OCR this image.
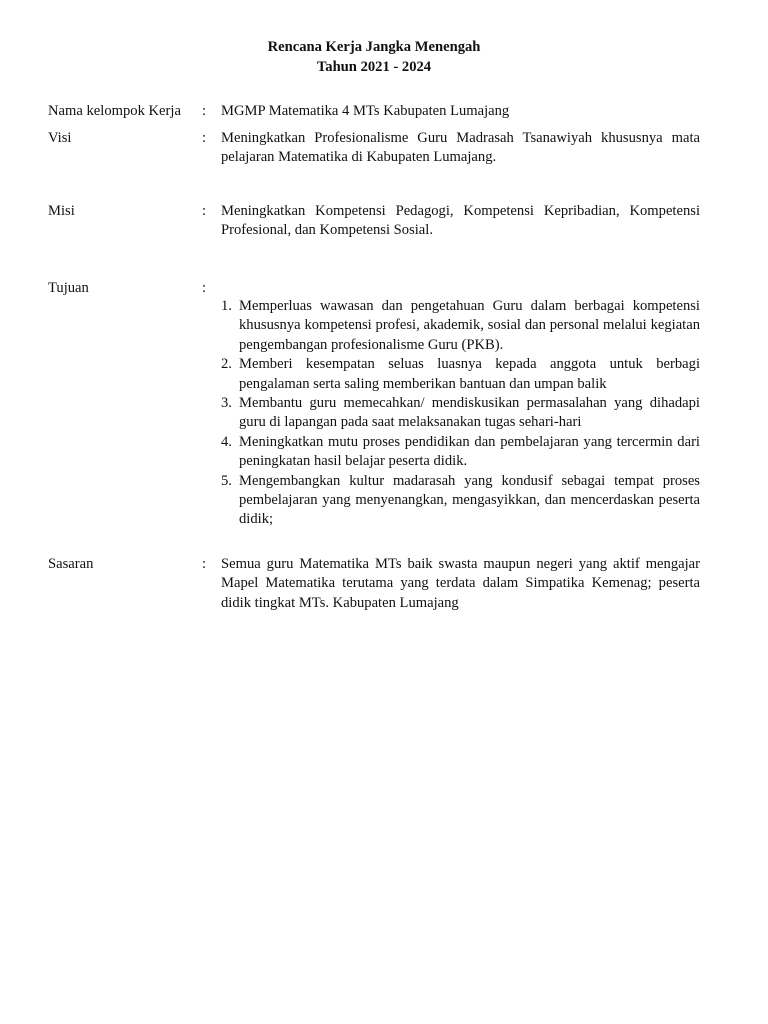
Rencana Kerja Jangka Menengah
Tahun 2021 - 2024
Nama kelompok Kerja	: MGMP Matematika 4 MTs Kabupaten Lumajang
Visi	: Meningkatkan Profesionalisme Guru Madrasah Tsanawiyah khususnya mata pelajaran Matematika di Kabupaten Lumajang.
Misi	: Meningkatkan Kompetensi Pedagogi, Kompetensi Kepribadian, Kompetensi Profesional, dan Kompetensi Sosial.
Tujuan	:
1. Memperluas wawasan dan pengetahuan Guru dalam berbagai kompetensi khususnya kompetensi profesi, akademik, sosial dan personal melalui kegiatan pengembangan profesionalisme Guru (PKB).
2. Memberi kesempatan seluas luasnya kepada anggota untuk berbagi pengalaman serta saling memberikan bantuan dan umpan balik
3. Membantu guru memecahkan/ mendiskusikan permasalahan yang dihadapi guru di lapangan pada saat melaksanakan tugas sehari-hari
4. Meningkatkan mutu proses pendidikan dan pembelajaran yang tercermin dari peningkatan hasil belajar peserta didik.
5. Mengembangkan kultur madarasah yang kondusif sebagai tempat proses pembelajaran yang menyenangkan, mengasyikkan, dan mencerdaskan peserta didik;
Sasaran	: Semua guru Matematika MTs baik swasta maupun negeri yang aktif mengajar Mapel Matematika terutama yang terdata dalam Simpatika Kemenag; peserta didik tingkat MTs. Kabupaten Lumajang
